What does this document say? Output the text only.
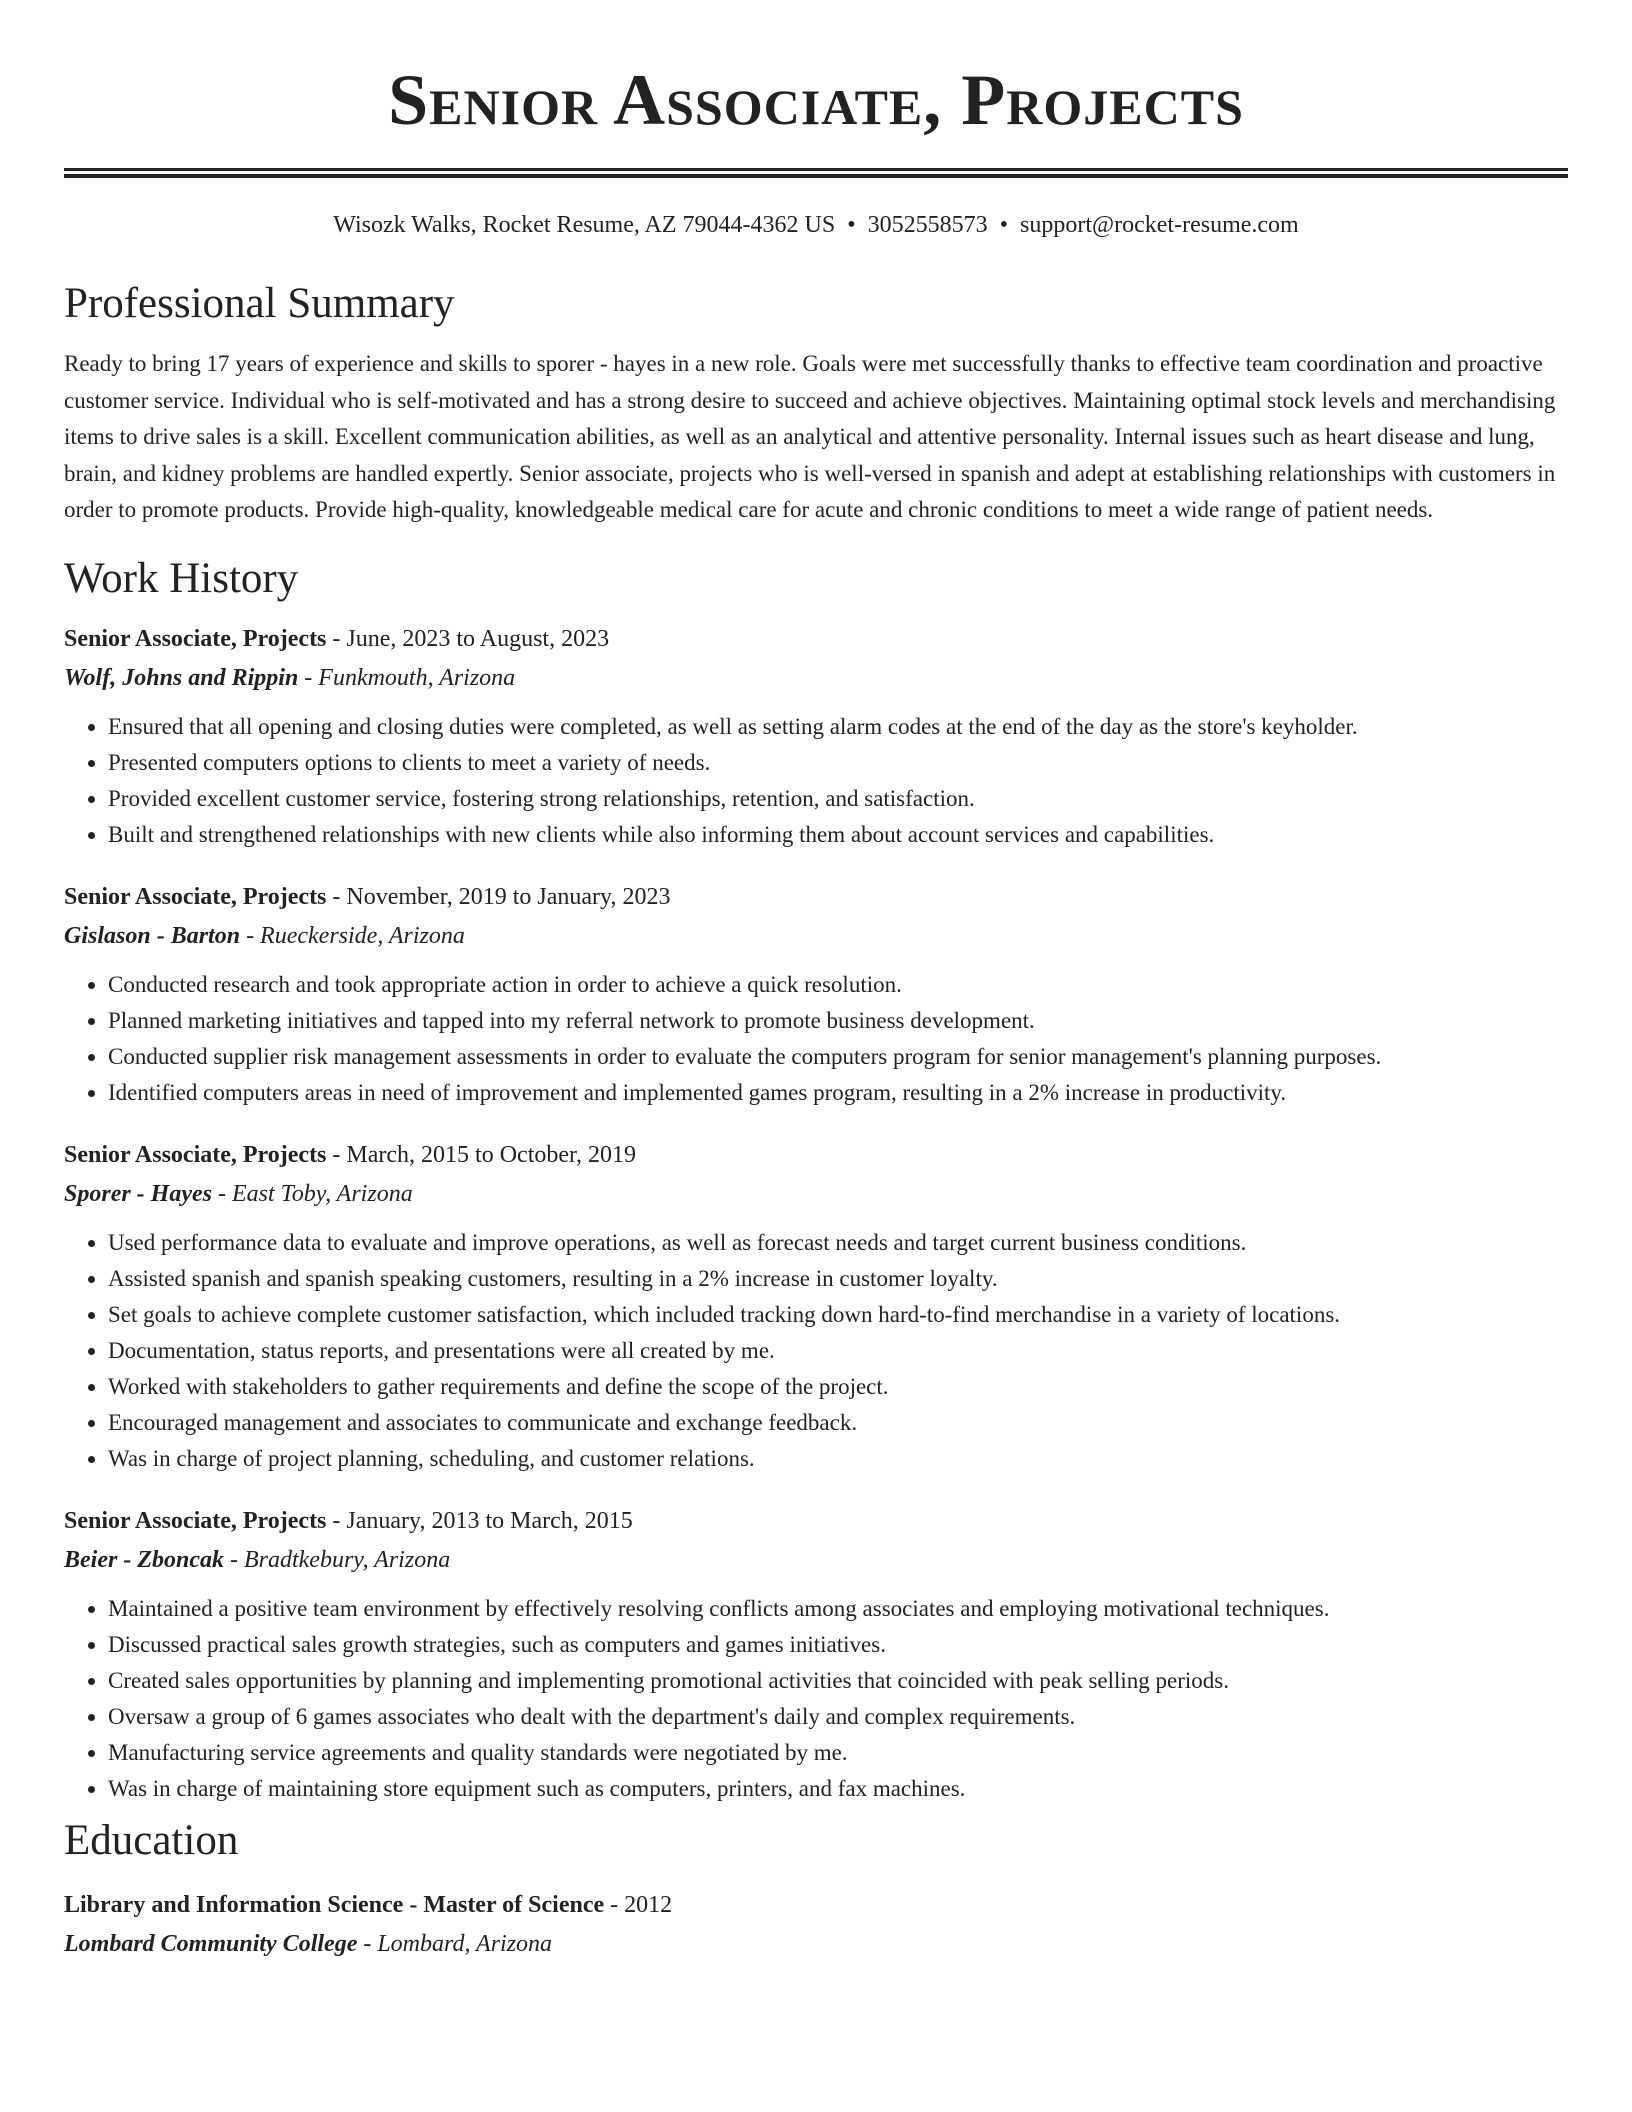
Senior Associate, Projects
Wisozk Walks, Rocket Resume, AZ 79044-4362 US • 3052558573 • support@rocket-resume.com
Professional Summary
Ready to bring 17 years of experience and skills to sporer - hayes in a new role. Goals were met successfully thanks to effective team coordination and proactive customer service. Individual who is self-motivated and has a strong desire to succeed and achieve objectives. Maintaining optimal stock levels and merchandising items to drive sales is a skill. Excellent communication abilities, as well as an analytical and attentive personality. Internal issues such as heart disease and lung, brain, and kidney problems are handled expertly. Senior associate, projects who is well-versed in spanish and adept at establishing relationships with customers in order to promote products. Provide high-quality, knowledgeable medical care for acute and chronic conditions to meet a wide range of patient needs.
Work History
Senior Associate, Projects - June, 2023 to August, 2023
Wolf, Johns and Rippin - Funkmouth, Arizona
• Ensured that all opening and closing duties were completed, as well as setting alarm codes at the end of the day as the store's keyholder.
• Presented computers options to clients to meet a variety of needs.
• Provided excellent customer service, fostering strong relationships, retention, and satisfaction.
• Built and strengthened relationships with new clients while also informing them about account services and capabilities.
Senior Associate, Projects - November, 2019 to January, 2023
Gislason - Barton - Rueckerside, Arizona
• Conducted research and took appropriate action in order to achieve a quick resolution.
• Planned marketing initiatives and tapped into my referral network to promote business development.
• Conducted supplier risk management assessments in order to evaluate the computers program for senior management's planning purposes.
• Identified computers areas in need of improvement and implemented games program, resulting in a 2% increase in productivity.
Senior Associate, Projects - March, 2015 to October, 2019
Sporer - Hayes - East Toby, Arizona
• Used performance data to evaluate and improve operations, as well as forecast needs and target current business conditions.
• Assisted spanish and spanish speaking customers, resulting in a 2% increase in customer loyalty.
• Set goals to achieve complete customer satisfaction, which included tracking down hard-to-find merchandise in a variety of locations.
• Documentation, status reports, and presentations were all created by me.
• Worked with stakeholders to gather requirements and define the scope of the project.
• Encouraged management and associates to communicate and exchange feedback.
• Was in charge of project planning, scheduling, and customer relations.
Senior Associate, Projects - January, 2013 to March, 2015
Beier - Zboncak - Bradtkebury, Arizona
• Maintained a positive team environment by effectively resolving conflicts among associates and employing motivational techniques.
• Discussed practical sales growth strategies, such as computers and games initiatives.
• Created sales opportunities by planning and implementing promotional activities that coincided with peak selling periods.
• Oversaw a group of 6 games associates who dealt with the department's daily and complex requirements.
• Manufacturing service agreements and quality standards were negotiated by me.
• Was in charge of maintaining store equipment such as computers, printers, and fax machines.
Education
Library and Information Science - Master of Science - 2012
Lombard Community College - Lombard, Arizona
